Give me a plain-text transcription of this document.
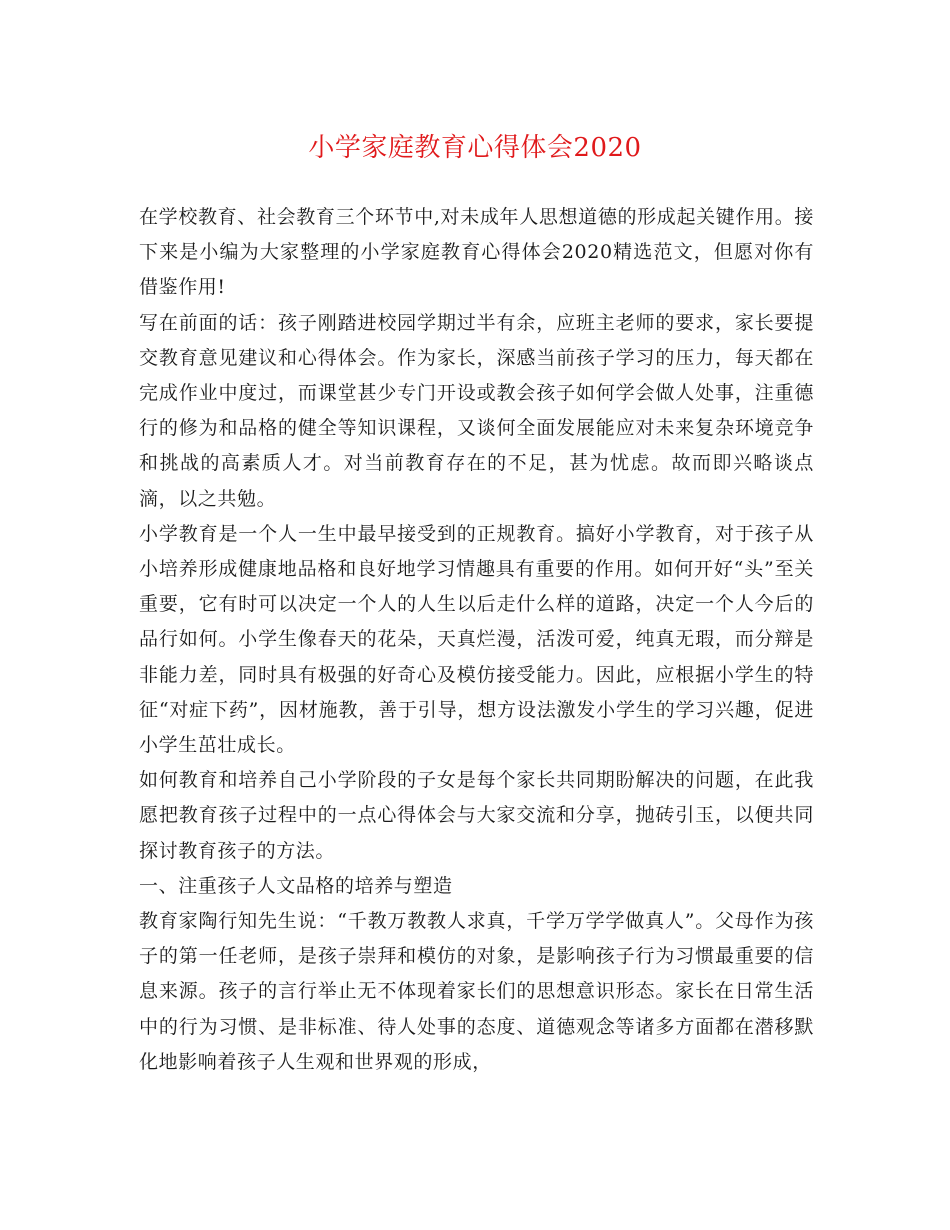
小学家庭教育心得体会2020

在学校教育、社会教育三个环节中,对未成年人思想道德的形成起关键作用。接下来是小编为大家整理的小学家庭教育心得体会2020精选范文，但愿对你有借鉴作用!

写在前面的话：孩子刚踏进校园学期过半有余，应班主老师的要求，家长要提交教育意见建议和心得体会。作为家长，深感当前孩子学习的压力，每天都在完成作业中度过，而课堂甚少专门开设或教会孩子如何学会做人处事，注重德行的修为和品格的健全等知识课程，又谈何全面发展能应对未来复杂环境竞争和挑战的高素质人才。对当前教育存在的不足，甚为忧虑。故而即兴略谈点滴，以之共勉。

小学教育是一个人一生中最早接受到的正规教育。搞好小学教育，对于孩子从小培养形成健康地品格和良好地学习情趣具有重要的作用。如何开好“头”至关重要，它有时可以决定一个人的人生以后走什么样的道路，决定一个人今后的品行如何。小学生像春天的花朵，天真烂漫，活泼可爱，纯真无瑕，而分辩是非能力差，同时具有极强的好奇心及模仿接受能力。因此，应根据小学生的特征“对症下药”，因材施教，善于引导，想方设法激发小学生的学习兴趣，促进小学生茁壮成长。

如何教育和培养自己小学阶段的子女是每个家长共同期盼解决的问题，在此我愿把教育孩子过程中的一点心得体会与大家交流和分享，抛砖引玉，以便共同探讨教育孩子的方法。

一、注重孩子人文品格的培养与塑造

教育家陶行知先生说：“千教万教教人求真，千学万学学做真人”。父母作为孩子的第一任老师，是孩子崇拜和模仿的对象，是影响孩子行为习惯最重要的信息来源。孩子的言行举止无不体现着家长们的思想意识形态。家长在日常生活中的行为习惯、是非标准、待人处事的态度、道德观念等诸多方面都在潜移默化地影响着孩子人生观和世界观的形成，
